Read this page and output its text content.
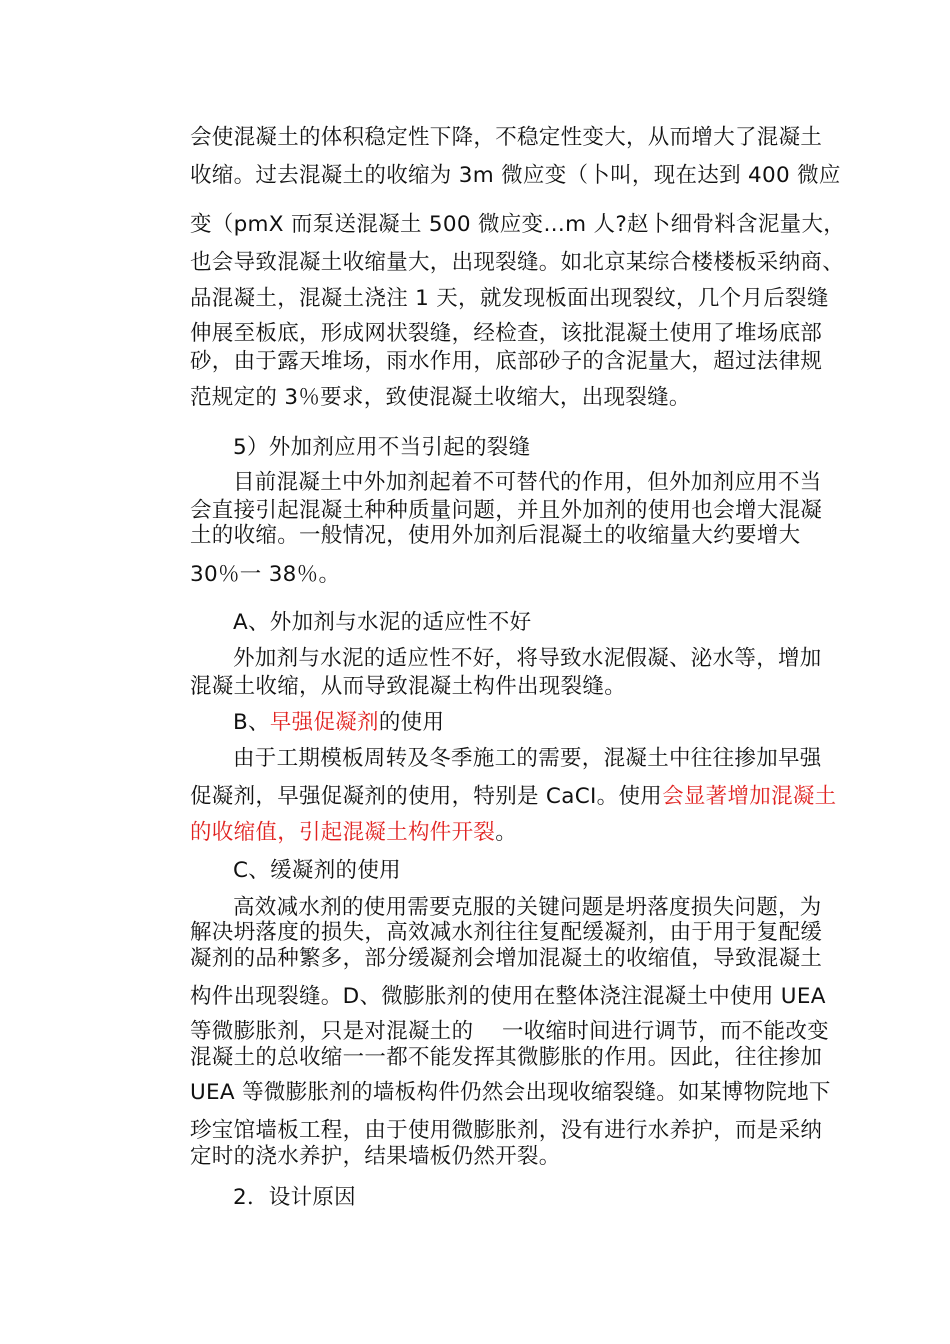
会使混凝土的体积稳定性下降，不稳定性变大，从而增大了混凝土
收缩。过去混凝土的收缩为 3m 微应变（卜叫，现在达到 400 微应
变（pmX 而泵送混凝土 500 微应变…m 人?赵卜细骨料含泥量大，
也会导致混凝土收缩量大，出现裂缝。如北京某综合楼楼板采纳商、
品混凝土，混凝土浇注 1 天，就发现板面出现裂纹，几个月后裂缝
伸展至板底，形成网状裂缝，经检查，该批混凝土使用了堆场底部
砂，由于露天堆场，雨水作用，底部砂子的含泥量大，超过法律规
范规定的 3％要求，致使混凝土收缩大，出现裂缝。
5）外加剂应用不当引起的裂缝
目前混凝土中外加剂起着不可替代的作用，但外加剂应用不当
会直接引起混凝土种种质量问题，并且外加剂的使用也会增大混凝
土的收缩。一般情况，使用外加剂后混凝土的收缩量大约要增大
30％一 38％。
A、外加剂与水泥的适应性不好
外加剂与水泥的适应性不好，将导致水泥假凝、泌水等，增加
混凝土收缩，从而导致混凝土构件出现裂缝。
B、早强促凝剂的使用
由于工期模板周转及冬季施工的需要，混凝土中往往掺加早强
促凝剂，早强促凝剂的使用，特别是 CaCI。使用会显著增加混凝土
的收缩值，引起混凝土构件开裂。
C、缓凝剂的使用
高效减水剂的使用需要克服的关键问题是坍落度损失问题，为
解决坍落度的损失，高效减水剂往往复配缓凝剂，由于用于复配缓
凝剂的品种繁多，部分缓凝剂会增加混凝土的收缩值，导致混凝土
构件出现裂缝。D、微膨胀剂的使用在整体浇注混凝土中使用 UEA
等微膨胀剂，只是对混凝土的    一收缩时间进行调节，而不能改变
混凝土的总收缩一一都不能发挥其微膨胀的作用。因此，往往掺加
UEA 等微膨胀剂的墙板构件仍然会出现收缩裂缝。如某博物院地下
珍宝馆墙板工程，由于使用微膨胀剂，没有进行水养护，而是采纳
定时的浇水养护，结果墙板仍然开裂。
2．设计原因
